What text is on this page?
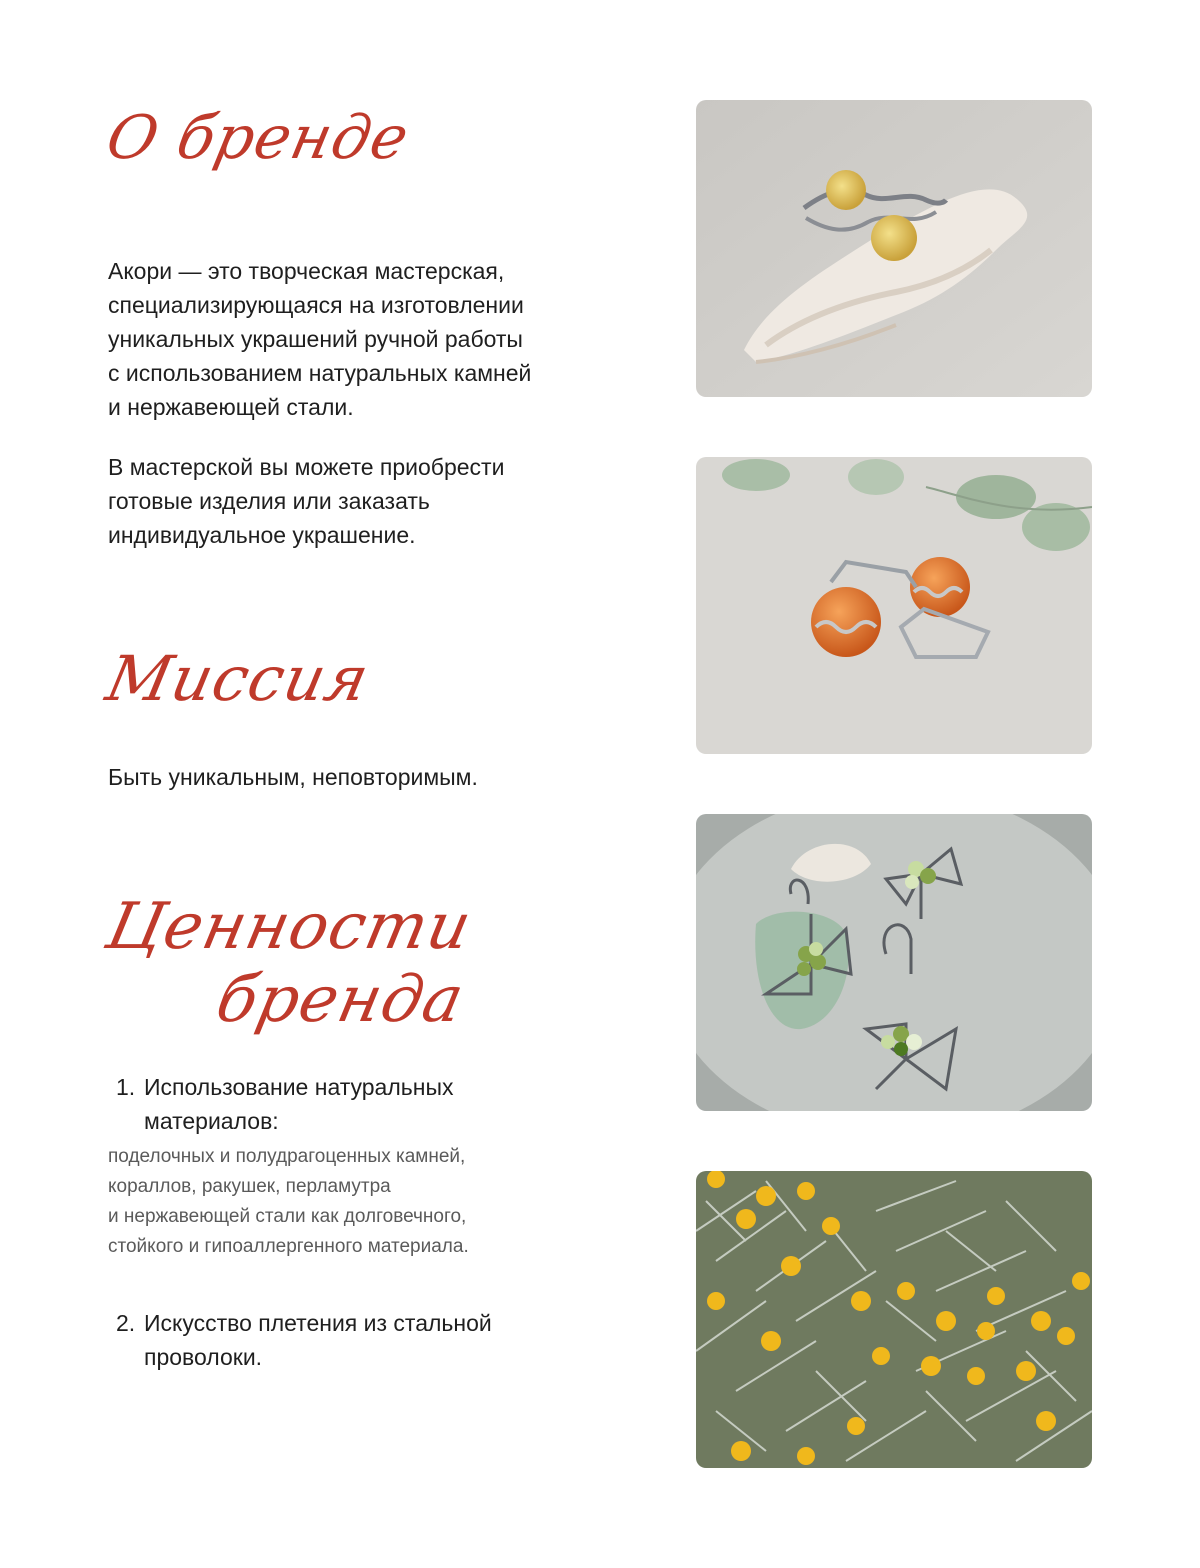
О бренде

Акори — это творческая мастерская,
специализирующаяся на изготовлении
уникальных украшений ручной работы
с использованием натуральных камней
и нержавеющей стали.

В мастерской вы можете приобрести
готовые изделия или заказать
индивидуальное украшение.

Миссия

Быть уникальным, неповторимым.

Ценности
бренда
1. Использование натуральных
материалов:

поделочных и полудрагоценных камней,
кораллов, ракушек, перламутра
и нержавеющей стали как долговечного,
стойкого и гипоаллергенного материала.

2. Искусство плетения из стальной
проволоки.
